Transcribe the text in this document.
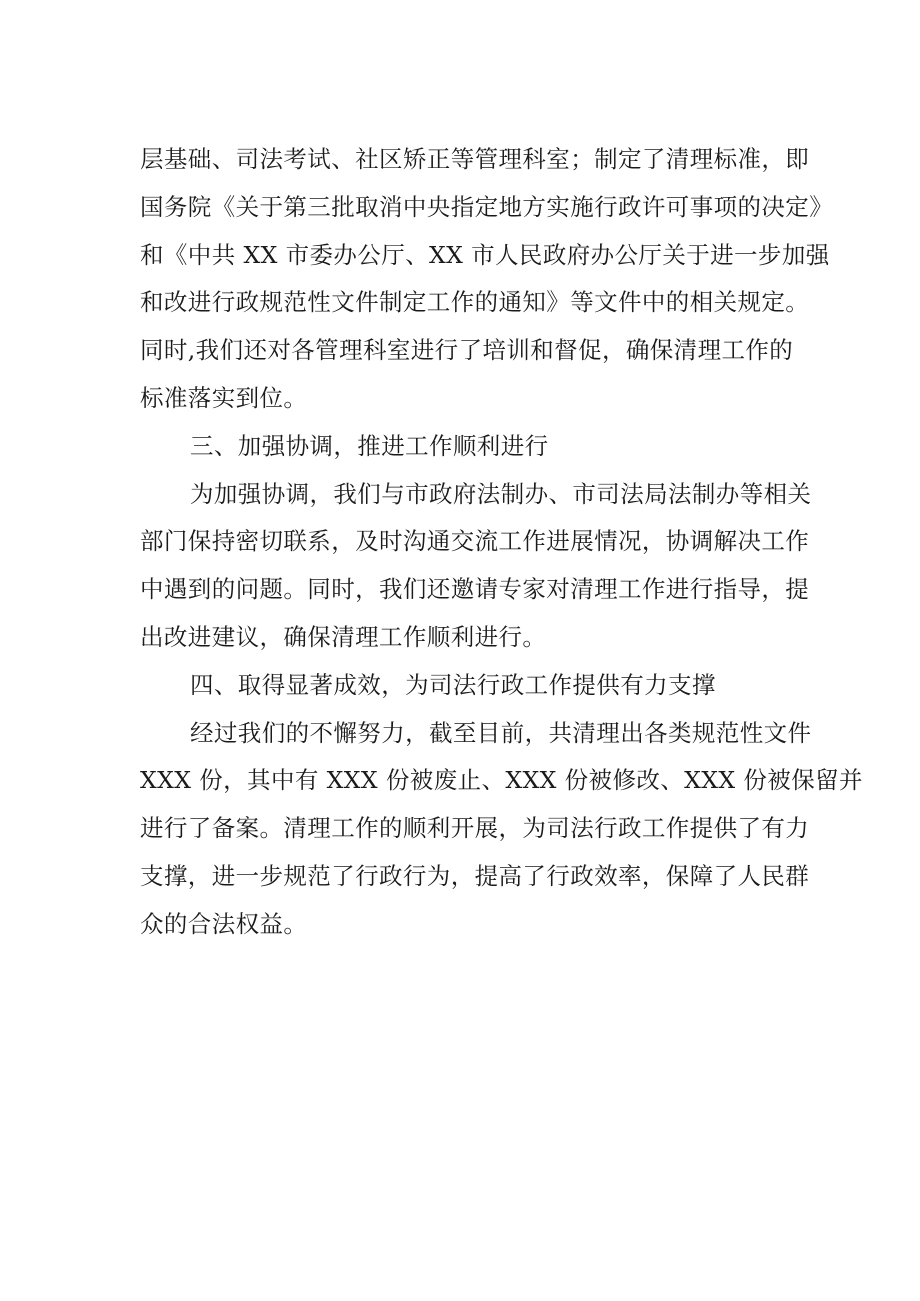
层基础、司法考试、社区矫正等管理科室；制定了清理标准，即
国务院《关于第三批取消中央指定地方实施行政许可事项的决定》
和《中共 XX 市委办公厅、XX 市人民政府办公厅关于进一步加强
和改进行政规范性文件制定工作的通知》等文件中的相关规定。
同时,我们还对各管理科室进行了培训和督促，确保清理工作的
标准落实到位。
三、加强协调，推进工作顺利进行
为加强协调，我们与市政府法制办、市司法局法制办等相关
部门保持密切联系，及时沟通交流工作进展情况，协调解决工作
中遇到的问题。同时，我们还邀请专家对清理工作进行指导，提
出改进建议，确保清理工作顺利进行。
四、取得显著成效，为司法行政工作提供有力支撑
经过我们的不懈努力，截至目前，共清理出各类规范性文件
XXX 份，其中有 XXX 份被废止、XXX 份被修改、XXX 份被保留并
进行了备案。清理工作的顺利开展，为司法行政工作提供了有力
支撑，进一步规范了行政行为，提高了行政效率，保障了人民群
众的合法权益。
